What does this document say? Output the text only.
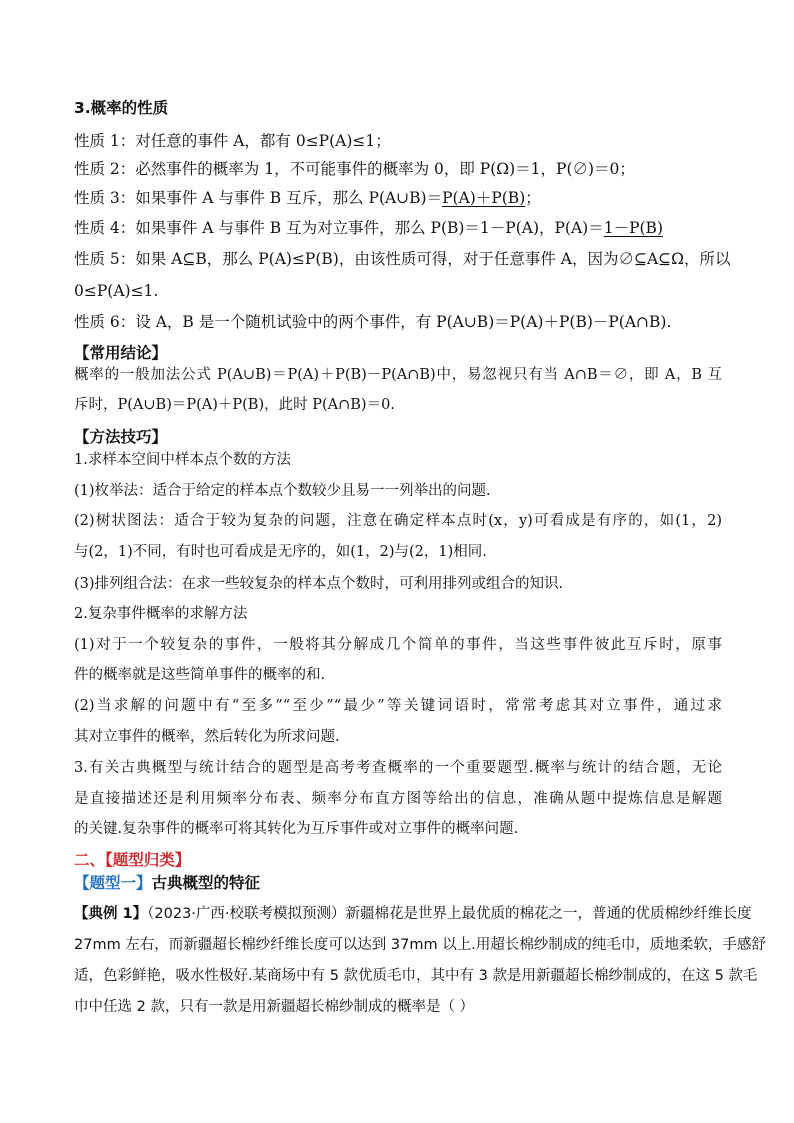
3.概率的性质
性质 1：对任意的事件 A，都有 0≤P(A)≤1；
性质 2：必然事件的概率为 1，不可能事件的概率为 0，即 P(Ω)＝1，P(∅)＝0；
性质 3：如果事件 A 与事件 B 互斥，那么 P(A∪B)＝P(A)＋P(B)；
性质 4：如果事件 A 与事件 B 互为对立事件，那么 P(B)＝1－P(A)，P(A)＝1－P(B)
性质 5：如果 A⊆B，那么 P(A)≤P(B)，由该性质可得，对于任意事件 A，因为∅⊆A⊆Ω，所以
0≤P(A)≤1.
性质 6：设 A，B 是一个随机试验中的两个事件，有 P(A∪B)＝P(A)＋P(B)－P(A∩B).
【常用结论】
概率的一般加法公式 P(A∪B)＝P(A)＋P(B)－P(A∩B)中，易忽视只有当 A∩B＝∅，即 A，B 互
斥时，P(A∪B)＝P(A)＋P(B)，此时 P(A∩B)＝0.
【方法技巧】
1.求样本空间中样本点个数的方法
(1)枚举法：适合于给定的样本点个数较少且易一一列举出的问题.
(2)树状图法：适合于较为复杂的问题，注意在确定样本点时(x，y)可看成是有序的，如(1，2)
与(2，1)不同，有时也可看成是无序的，如(1，2)与(2，1)相同.
(3)排列组合法：在求一些较复杂的样本点个数时，可利用排列或组合的知识.
2.复杂事件概率的求解方法
(1)对于一个较复杂的事件，一般将其分解成几个简单的事件，当这些事件彼此互斥时，原事
件的概率就是这些简单事件的概率的和.
(2)当求解的问题中有“至多”“至少”“最少”等关键词语时，常常考虑其对立事件，通过求
其对立事件的概率，然后转化为所求问题.
3.有关古典概型与统计结合的题型是高考考查概率的一个重要题型.概率与统计的结合题，无论
是直接描述还是利用频率分布表、频率分布直方图等给出的信息，准确从题中提炼信息是解题
的关键.复杂事件的概率可将其转化为互斥事件或对立事件的概率问题.
二、【题型归类】
【题型一】古典概型的特征
【典例 1】（2023·广西·校联考模拟预测）新疆棉花是世界上最优质的棉花之一，普通的优质棉纱纤维长度
27mm 左右，而新疆超长棉纱纤维长度可以达到 37mm 以上.用超长棉纱制成的纯毛巾，质地柔软，手感舒
适，色彩鲜艳，吸水性极好.某商场中有 5 款优质毛巾，其中有 3 款是用新疆超长棉纱制成的，在这 5 款毛
巾中任选 2 款，只有一款是用新疆超长棉纱制成的概率是（ ）
